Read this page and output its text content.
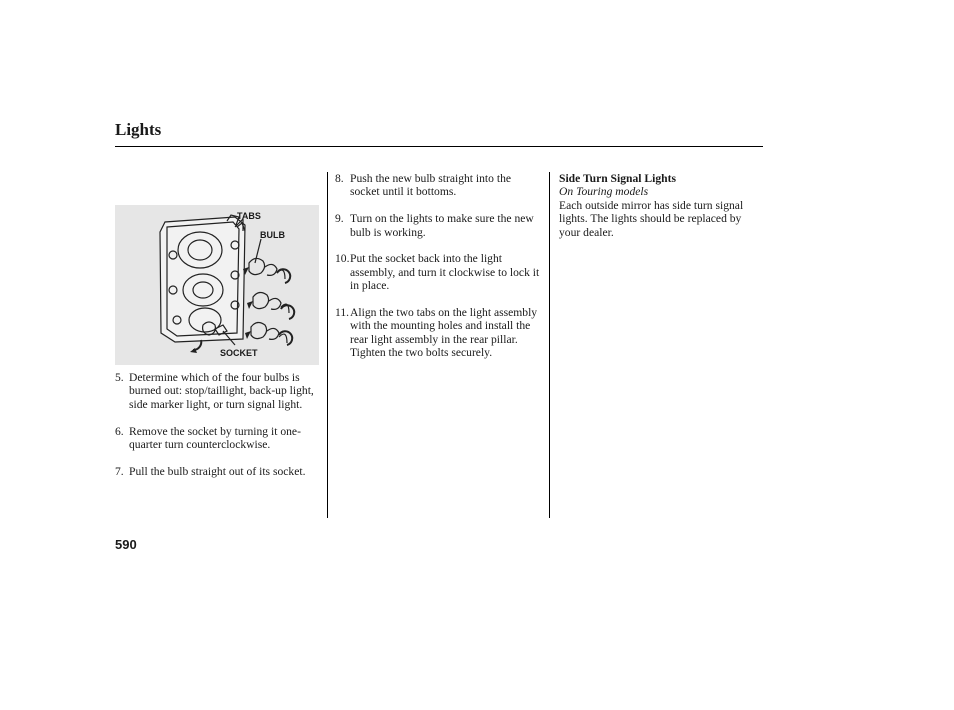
Lights
TABS
BULB
SOCKET

5. Determine which of the four bulbs is burned out: stop/taillight, back-up light, side marker light, or turn signal light.

6. Remove the socket by turning it one-quarter turn counterclockwise.

7. Pull the bulb straight out of its socket.

8. Push the new bulb straight into the socket until it bottoms.

9. Turn on the lights to make sure the new bulb is working.

10.Put the socket back into the light assembly, and turn it clockwise to lock it in place.

11.Align the two tabs on the light assembly with the mounting holes and install the rear light assembly in the rear pillar. Tighten the two bolts securely.

Side Turn Signal Lights

On Touring models

Each outside mirror has side turn signal lights. The lights should be replaced by your dealer.

590
